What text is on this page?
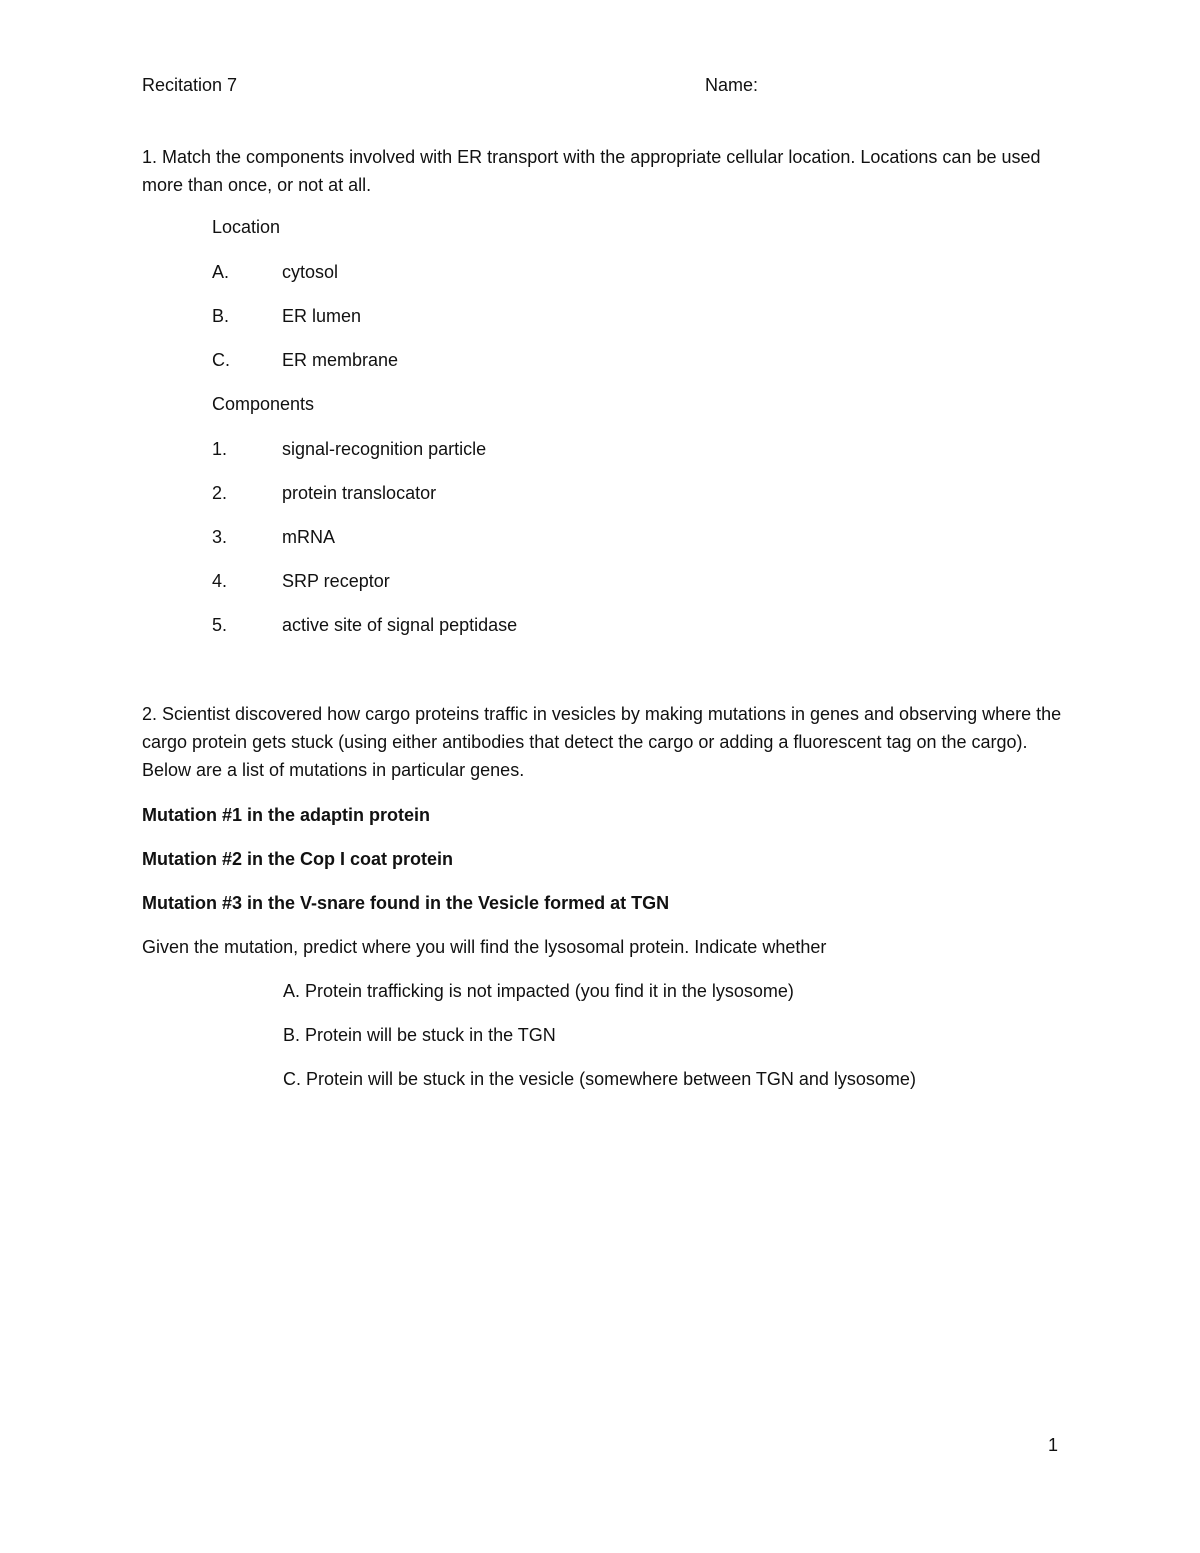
Recitation 7	Name:
1. Match the components involved with ER transport with the appropriate cellular location. Locations can be used more than once, or not at all.
Location
A.	cytosol
B.	ER lumen
C.	ER membrane
Components
1.	signal-recognition particle
2.	protein translocator
3.	mRNA
4.	SRP receptor
5.	active site of signal peptidase
2. Scientist discovered how cargo proteins traffic in vesicles by making mutations in genes and observing where the cargo protein gets stuck (using either antibodies that detect the cargo or adding a fluorescent tag on the cargo). Below are a list of mutations in particular genes.
Mutation #1 in the adaptin protein
Mutation #2 in the Cop I coat protein
Mutation #3 in the V-snare found in the Vesicle formed at TGN
Given the mutation, predict where you will find the lysosomal protein. Indicate whether
A. Protein trafficking is not impacted (you find it in the lysosome)
B. Protein will be stuck in the TGN
C. Protein will be stuck in the vesicle (somewhere between TGN and lysosome)
1
